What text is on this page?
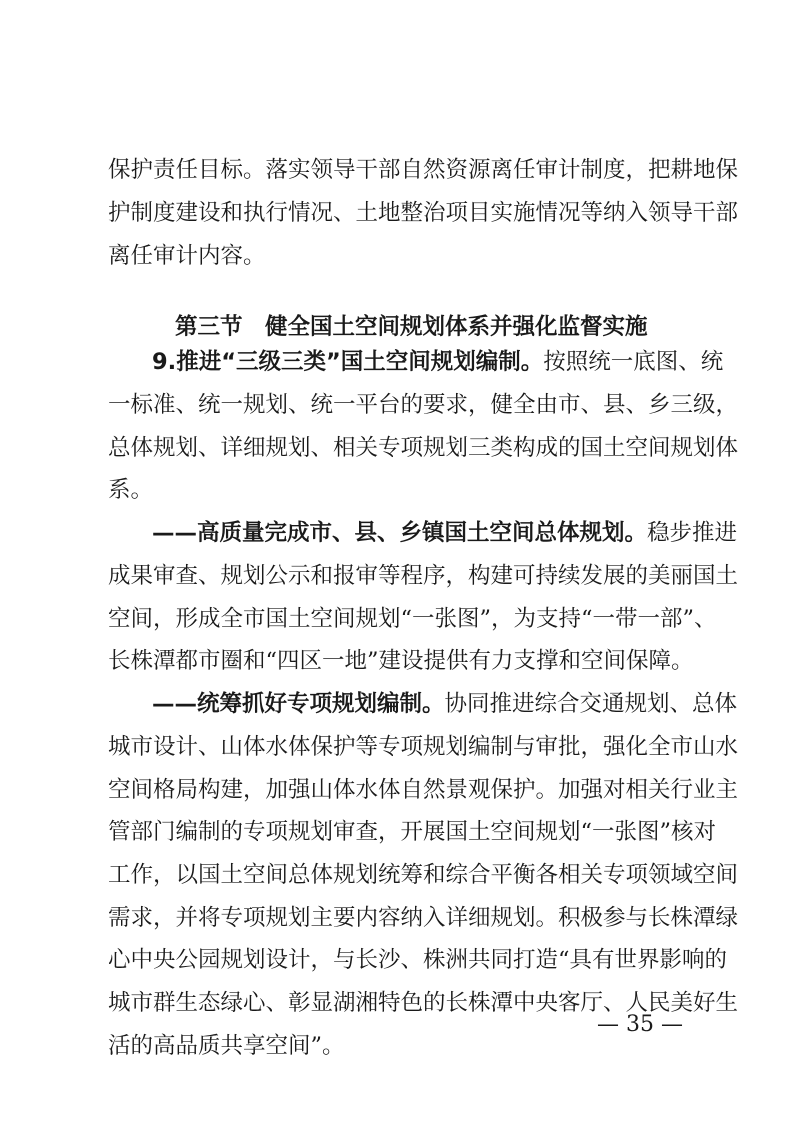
保护责任目标。落实领导干部自然资源离任审计制度，把耕地保
护制度建设和执行情况、土地整治项目实施情况等纳入领导干部
离任审计内容。
第三节　健全国土空间规划体系并强化监督实施
9.推进“三级三类”国土空间规划编制。按照统一底图、统
一标准、统一规划、统一平台的要求，健全由市、县、乡三级，
总体规划、详细规划、相关专项规划三类构成的国土空间规划体
系。
——高质量完成市、县、乡镇国土空间总体规划。稳步推进
成果审查、规划公示和报审等程序，构建可持续发展的美丽国土
空间，形成全市国土空间规划“一张图”，为支持“一带一部”、
长株潭都市圈和“四区一地”建设提供有力支撑和空间保障。
——统筹抓好专项规划编制。协同推进综合交通规划、总体
城市设计、山体水体保护等专项规划编制与审批，强化全市山水
空间格局构建，加强山体水体自然景观保护。加强对相关行业主
管部门编制的专项规划审查，开展国土空间规划“一张图”核对
工作，以国土空间总体规划统筹和综合平衡各相关专项领域空间
需求，并将专项规划主要内容纳入详细规划。积极参与长株潭绿
心中央公园规划设计，与长沙、株洲共同打造“具有世界影响的
城市群生态绿心、彰显湖湘特色的长株潭中央客厅、人民美好生
活的高品质共享空间”。
— 35 —
